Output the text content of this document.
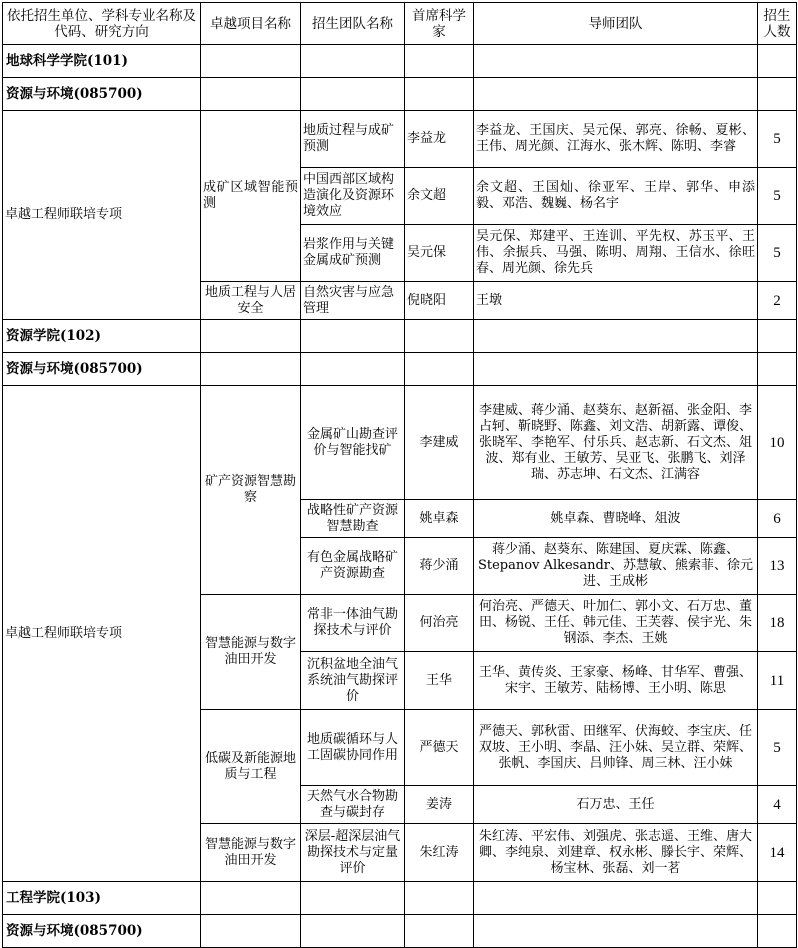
依托招生单位、学科专业名称及代码、研究方向	卓越项目名称	招生团队名称	首席科学家	导师团队	招生人数
地球科学学院(101)					
资源与环境(085700)					
卓越工程师联培专项	成矿区域智能预测	地质过程与成矿预测	李益龙	李益龙、王国庆、吴元保、郭亮、徐畅、夏彬、王伟、周光颜、江海水、张木辉、陈明、李睿	5
		中国西部区域构造演化及资源环境效应	余文超	余文超、王国灿、徐亚军、王岸、郭华、申添毅、邓浩、魏巍、杨名宇	5
		岩浆作用与关键金属成矿预测	吴元保	吴元保、郑建平、王连训、平先权、苏玉平、王伟、余振兵、马强、陈明、周翔、王信水、徐旺春、周光颜、徐先兵	5
	地质工程与人居安全	自然灾害与应急管理	倪晓阳	王墩	2
资源学院(102)					
资源与环境(085700)					
卓越工程师联培专项	矿产资源智慧勘察	金属矿山勘查评价与智能找矿	李建威	李建威、蒋少涌、赵葵东、赵新福、张金阳、李占轲、靳晓野、陈鑫、刘文浩、胡新露、谭俊、张晓军、李艳军、付乐兵、赵志新、石文杰、俎波、郑有业、王敏芳、吴亚飞、张鹏飞、刘泽瑞、苏志坤、石文杰、江满容	10
		战略性矿产资源智慧勘查	姚卓森	姚卓森、曹晓峰、俎波	6
		有色金属战略矿产资源勘查	蒋少涌	蒋少涌、赵葵东、陈建国、夏庆霖、陈鑫、Stepanov Alkesandr、苏慧敏、熊索菲、徐元进、王成彬	13
	智慧能源与数字油田开发	常非一体油气勘探技术与评价	何治亮	何治亮、严德天、叶加仁、郭小文、石万忠、董田、杨锐、王任、韩元佳、王芙蓉、侯宇光、朱钢添、李杰、王姚	18
		沉积盆地全油气系统油气勘探评价	王华	王华、黄传炎、王家豪、杨峰、甘华军、曹强、宋宇、王敏芳、陆杨博、王小明、陈思	11
	低碳及新能源地质与工程	地质碳循环与人工固碳协同作用	严德天	严德天、郭秋雷、田继军、伏海蛟、李宝庆、任双坡、王小明、李晶、汪小妹、吴立群、荣辉、张帆、李国庆、吕帅锋、周三林、汪小妹	5
		天然气水合物勘查与碳封存	姜涛	石万忠、王任	4
	智慧能源与数字油田开发	深层-超深层油气勘探技术与定量评价	朱红涛	朱红涛、平宏伟、刘强虎、张志遥、王维、唐大卿、李纯泉、刘建章、权永彬、滕长宇、荣辉、杨宝林、张磊、刘一茗	14
工程学院(103)					
资源与环境(085700)					
